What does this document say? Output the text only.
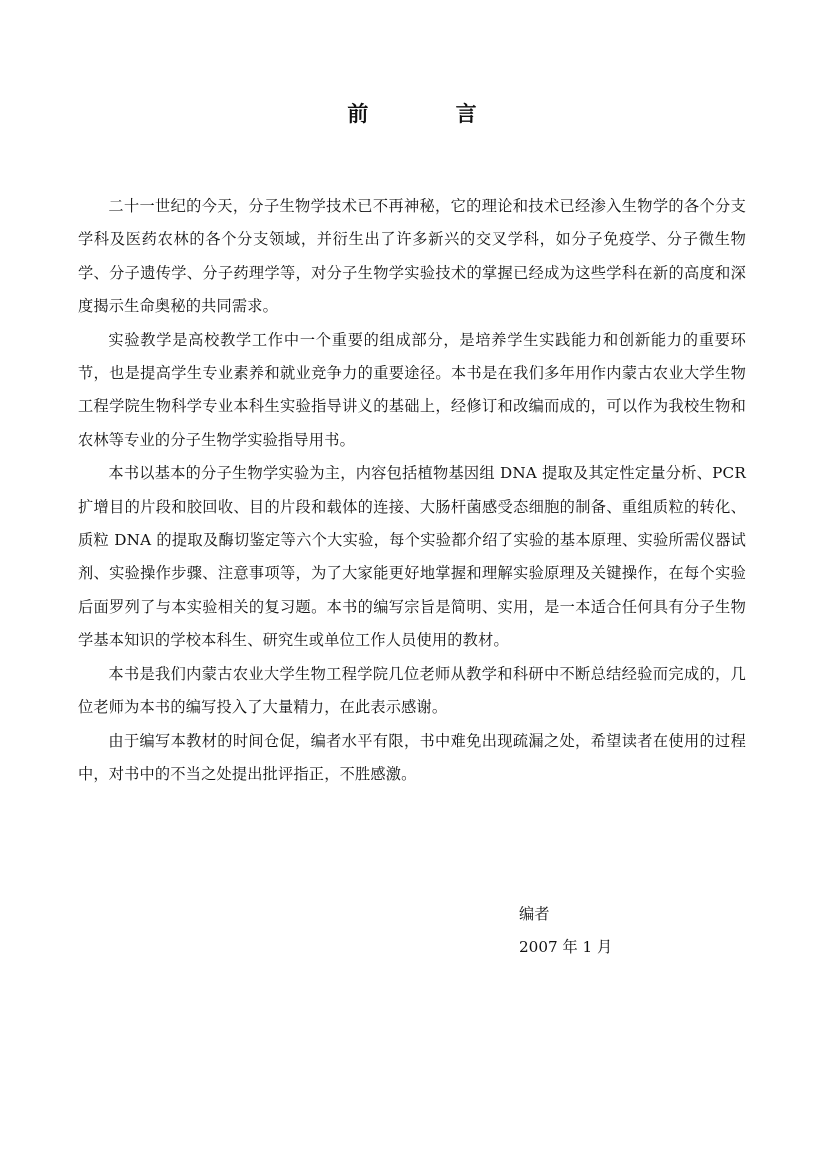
前 言

二十一世纪的今天，分子生物学技术已不再神秘，它的理论和技术已经渗入生物学的各个分支学科及医药农林的各个分支领域，并衍生出了许多新兴的交叉学科，如分子免疫学、分子微生物学、分子遗传学、分子药理学等，对分子生物学实验技术的掌握已经成为这些学科在新的高度和深度揭示生命奥秘的共同需求。

实验教学是高校教学工作中一个重要的组成部分，是培养学生实践能力和创新能力的重要环节，也是提高学生专业素养和就业竞争力的重要途径。本书是在我们多年用作内蒙古农业大学生物工程学院生物科学专业本科生实验指导讲义的基础上，经修订和改编而成的，可以作为我校生物和农林等专业的分子生物学实验指导用书。

本书以基本的分子生物学实验为主，内容包括植物基因组 DNA 提取及其定性定量分析、PCR 扩增目的片段和胶回收、目的片段和载体的连接、大肠杆菌感受态细胞的制备、重组质粒的转化、质粒 DNA 的提取及酶切鉴定等六个大实验，每个实验都介绍了实验的基本原理、实验所需仪器试剂、实验操作步骤、注意事项等，为了大家能更好地掌握和理解实验原理及关键操作，在每个实验后面罗列了与本实验相关的复习题。本书的编写宗旨是简明、实用，是一本适合任何具有分子生物学基本知识的学校本科生、研究生或单位工作人员使用的教材。

本书是我们内蒙古农业大学生物工程学院几位老师从教学和科研中不断总结经验而完成的，几位老师为本书的编写投入了大量精力，在此表示感谢。

由于编写本教材的时间仓促，编者水平有限，书中难免出现疏漏之处，希望读者在使用的过程中，对书中的不当之处提出批评指正，不胜感激。

编者
2007 年 1 月
